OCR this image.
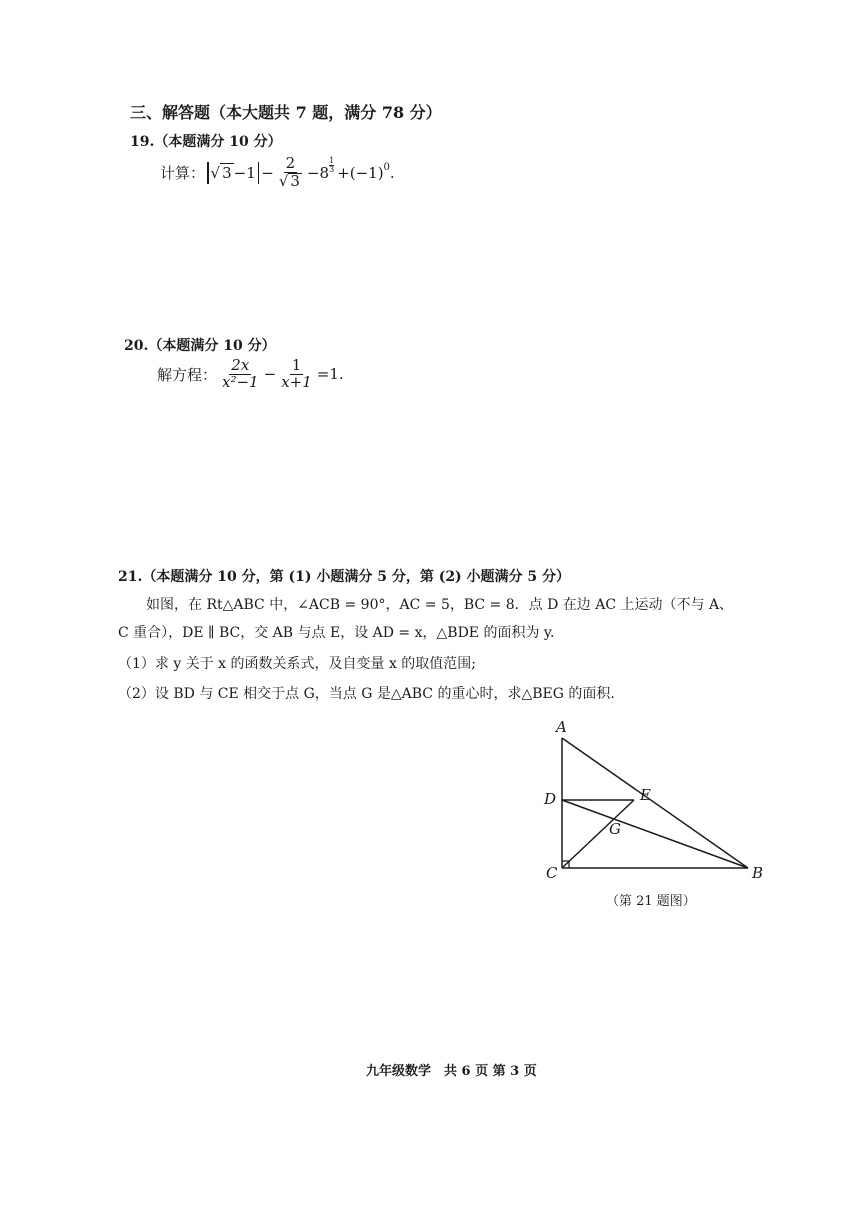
三、解答题（本大题共 7 题，满分 78 分）
19.（本题满分 10 分）
计算： √ $3 -1 - \frac{2}{√ 3} -8 \frac{1}{3} +(-1)^0$ .
20.（本题满分 10 分）
解方程： $\frac{2x}{\text{x²−1}} - \frac{1}{x+1} =1$ .
21.（本题满分 10 分，第 (1) 小题满分 5 分，第 (2) 小题满分 5 分）
如图，在 Rt△ABC 中，∠ACB = 90°，AC = 5，BC = 8．点 D 在边 AC 上运动（不与 A、
C 重合），DE ∥ BC，交 AB 与点 E，设 AD = x，△BDE 的面积为 y.
（1）求 y 关于 x 的函数关系式，及自变量 x 的取值范围;
（2）设 BD 与 CE 相交于点 G，当点 G 是△ABC 的重心时，求△BEG 的面积.
A
D	E
G
C	B
（第 21 题图）
九年级数学　共 6 页 第 3 页
